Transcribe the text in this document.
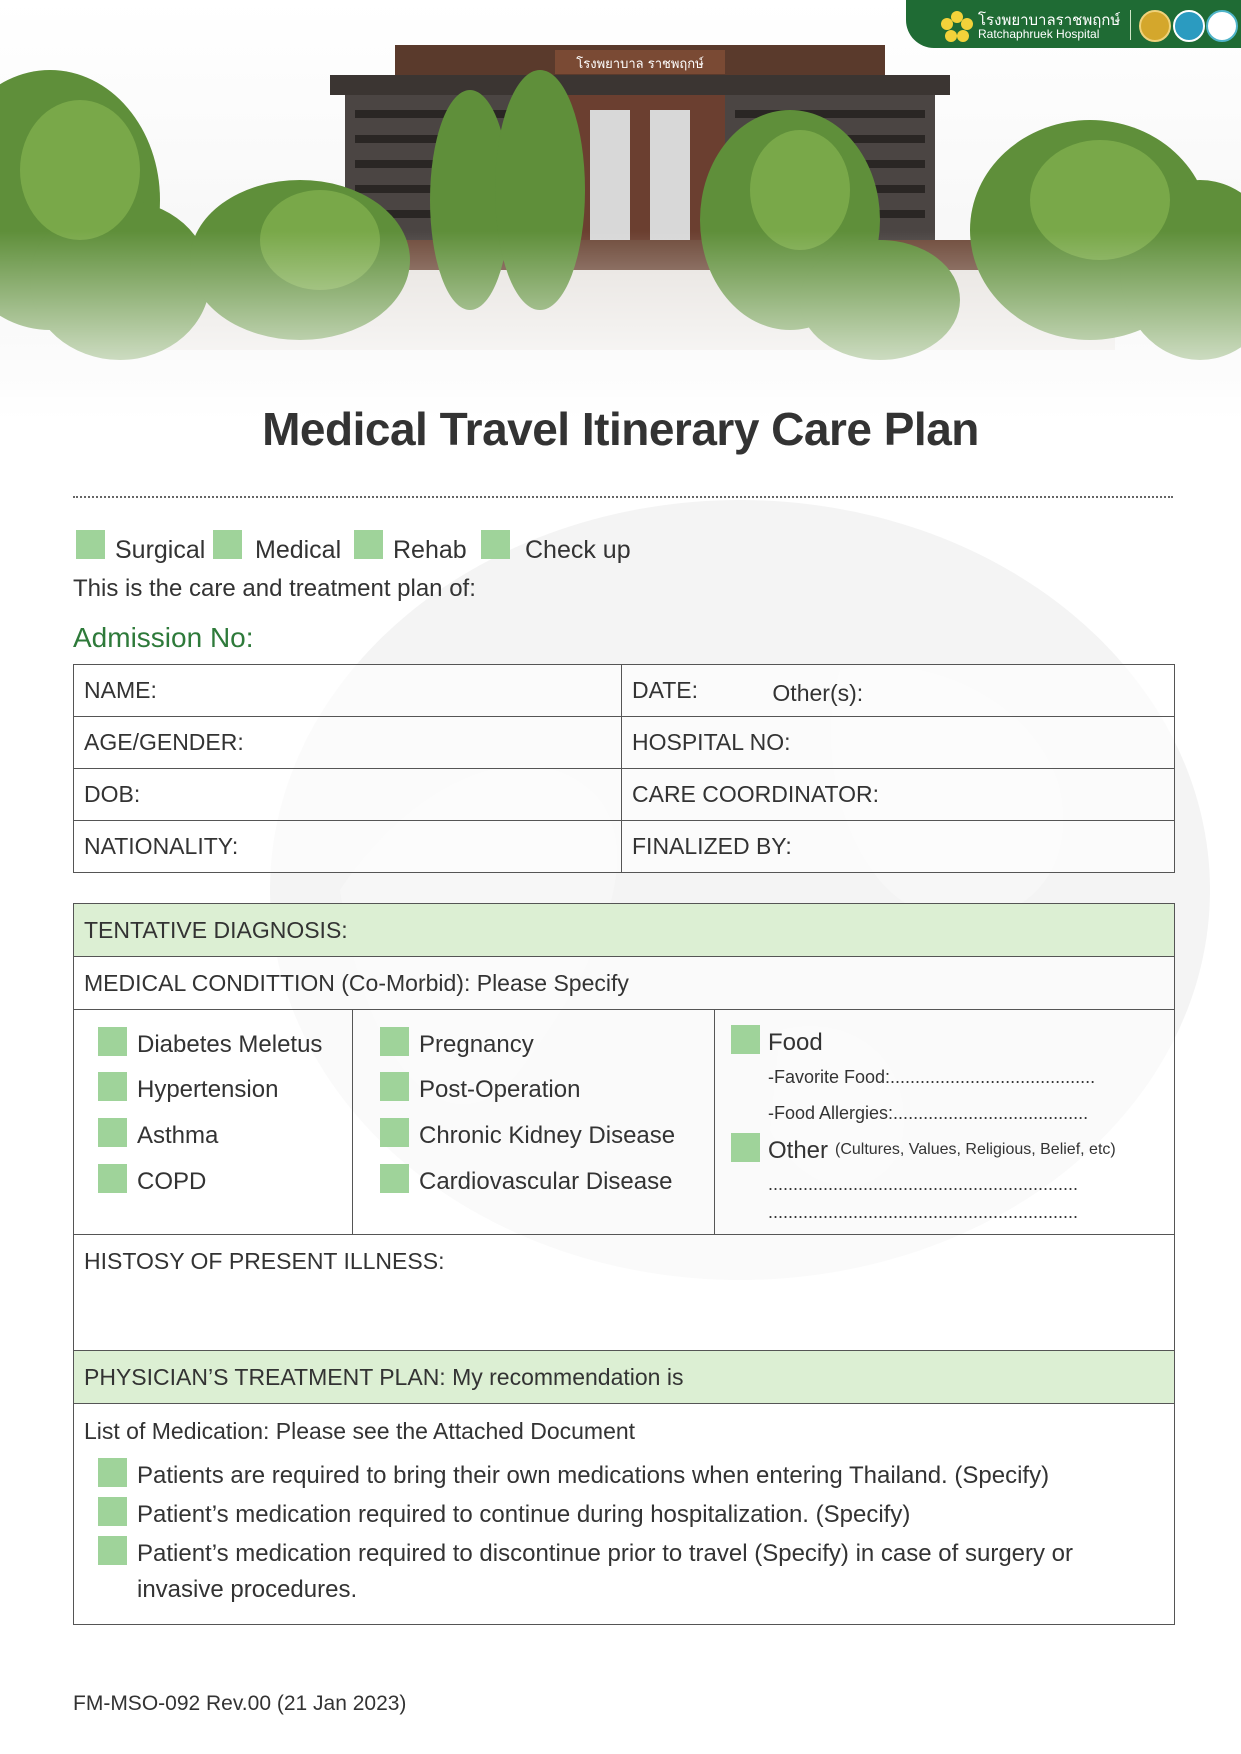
โรงพยาบาลราชพฤกษ์
Ratchaphruek Hospital
Medical Travel Itinerary Care Plan
Surgical Medical Rehab Check up
This is the care and treatment plan of:
Admission No:
NAME:	DATE: Other(s):
AGE/GENDER:	HOSPITAL NO:
DOB:	CARE COORDINATOR:
NATIONALITY:	FINALIZED BY:
TENTATIVE DIAGNOSIS:
MEDICAL CONDITTION (Co-Morbid): Please Specify
Diabetes Meletus
Hypertension
Asthma
COPD
Pregnancy
Post-Operation
Chronic Kidney Disease
Cardiovascular Disease
Food
-Favorite Food:.........................................
-Food Allergies:.......................................
Other (Cultures, Values, Religious, Belief, etc)
..............................................................
..............................................................
HISTOSY OF PRESENT ILLNESS:
PHYSICIAN’S TREATMENT PLAN: My recommendation is
List of Medication: Please see the Attached Document
Patients are required to bring their own medications when entering Thailand. (Specify)
Patient’s medication required to continue during hospitalization. (Specify)
Patient’s medication required to discontinue prior to travel (Specify) in case of surgery or
invasive procedures.
FM-MSO-092 Rev.00 (21 Jan 2023)
